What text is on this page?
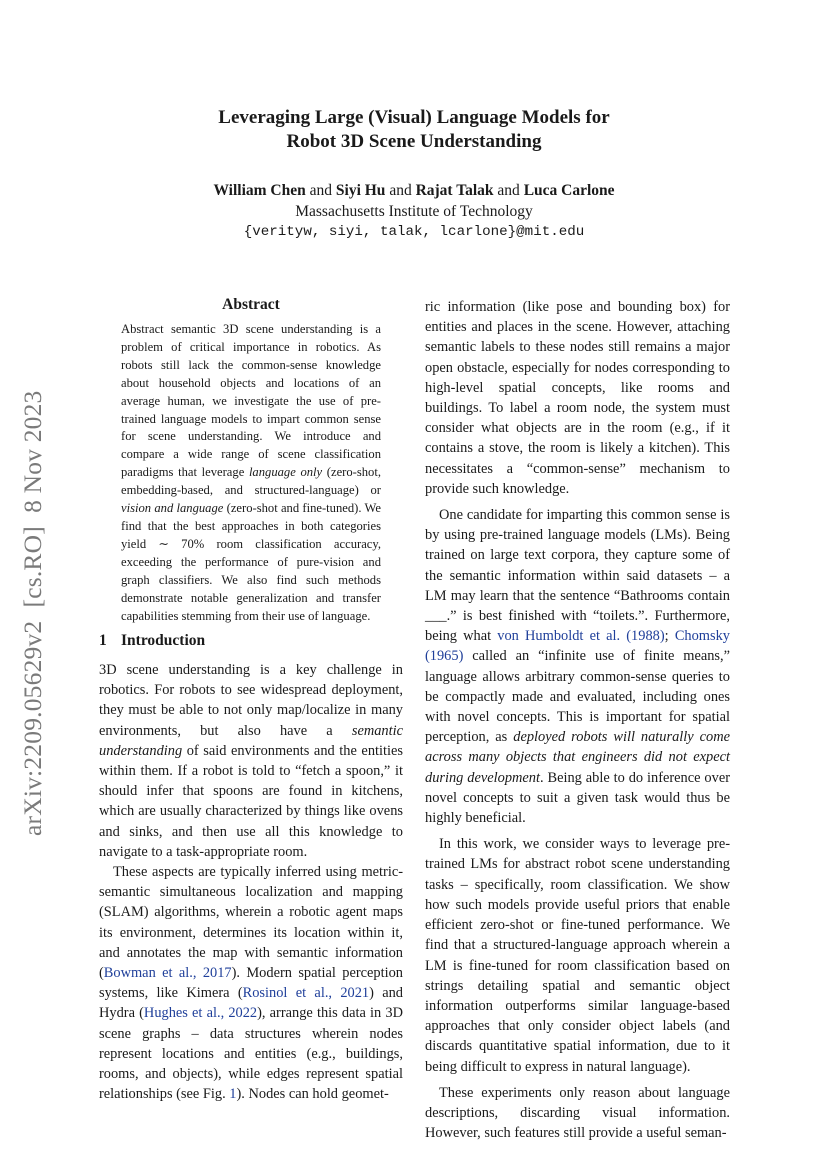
arXiv:2209.05629v2  [cs.RO]  8 Nov 2023
Leveraging Large (Visual) Language Models for
Robot 3D Scene Understanding
William Chen and Siyi Hu and Rajat Talak and Luca Carlone
Massachusetts Institute of Technology
{verityw, siyi, talak, lcarlone}@mit.edu
Abstract

Abstract semantic 3D scene understanding is a problem of critical importance in robotics. As robots still lack the common-sense knowledge about household objects and locations of an average human, we investigate the use of pre-trained language models to impart common sense for scene understanding. We introduce and compare a wide range of scene classification paradigms that leverage language only (zero-shot, embedding-based, and structured-language) or vision and language (zero-shot and fine-tuned). We find that the best approaches in both categories yield ∼ 70% room classification accuracy, exceeding the performance of pure-vision and graph classifiers. We also find such methods demonstrate notable generalization and transfer capabilities stemming from their use of language.

1 Introduction

3D scene understanding is a key challenge in robotics. For robots to see widespread deployment, they must be able to not only map/localize in many environments, but also have a semantic understanding of said environments and the entities within them. If a robot is told to “fetch a spoon,” it should infer that spoons are found in kitchens, which are usually characterized by things like ovens and sinks, and then use all this knowledge to navigate to a task-appropriate room.

These aspects are typically inferred using metric-semantic simultaneous localization and mapping (SLAM) algorithms, wherein a robotic agent maps its environment, determines its location within it, and annotates the map with semantic information (Bowman et al., 2017). Modern spatial perception systems, like Kimera (Rosinol et al., 2021) and Hydra (Hughes et al., 2022), arrange this data in 3D scene graphs – data structures wherein nodes represent locations and entities (e.g., buildings, rooms, and objects), while edges represent spatial relationships (see Fig. 1). Nodes can hold geomet-

ric information (like pose and bounding box) for entities and places in the scene. However, attaching semantic labels to these nodes still remains a major open obstacle, especially for nodes corresponding to high-level spatial concepts, like rooms and buildings. To label a room node, the system must consider what objects are in the room (e.g., if it contains a stove, the room is likely a kitchen). This necessitates a “common-sense” mechanism to provide such knowledge.

One candidate for imparting this common sense is by using pre-trained language models (LMs). Being trained on large text corpora, they capture some of the semantic information within said datasets – a LM may learn that the sentence “Bathrooms contain ___.” is best finished with “toilets.”. Furthermore, being what von Humboldt et al. (1988); Chomsky (1965) called an “infinite use of finite means,” language allows arbitrary common-sense queries to be compactly made and evaluated, including ones with novel concepts. This is important for spatial perception, as deployed robots will naturally come across many objects that engineers did not expect during development. Being able to do inference over novel concepts to suit a given task would thus be highly beneficial.

In this work, we consider ways to leverage pre-trained LMs for abstract robot scene understanding tasks – specifically, room classification. We show how such models provide useful priors that enable efficient zero-shot or fine-tuned performance. We find that a structured-language approach wherein a LM is fine-tuned for room classification based on strings detailing spatial and semantic object information outperforms similar language-based approaches that only consider object labels (and discards quantitative spatial information, due to it being difficult to express in natural language).

These experiments only reason about language descriptions, discarding visual information. However, such features still provide a useful seman-
